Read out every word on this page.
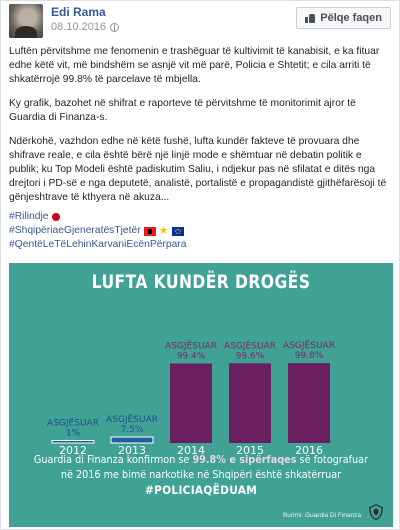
Edi Rama
08.10.2016
Pëlqe faqen

Luftën përvitshme me fenomenin e trashëguar të kultivimit të kanabisit, e ka fituar edhe këtë vit, më bindshëm se asnjë vit më parë, Policia e Shtetit; e cila arriti të shkatërrojë 99.8% të parcelave të mbjella.

Ky grafik, bazohet në shifrat e raporteve të përvitshme të monitorimit ajror të Guardia di Finanza-s.

Ndërkohë, vazhdon edhe në këtë fushë, lufta kundër fakteve të provuara dhe shifrave reale, e cila është bërë një linjë mode e shëmtuar në debatin politik e publik; ku Top Modeli është padiskutim Saliu, i ndjekur pas në sfilatat e ditës nga drejtori i PD-së e nga deputetë, analistë, portalistë e propagandistë gjithëfarësoji të gënjeshtrave të kthyera në akuza...

#Rilindje
#ShqipëriaeGjeneratësTjetër ★
#QentëLeTëLehinKarvaniEcënPërpara
LUFTA KUNDËR DROGËS
ASGJËSUAR
1%
2012
ASGJËSUAR
7.5%
2013
ASGJËSUAR
99.4%
2014
ASGJËSUAR
99.6%
2015
ASGJËSUAR
99.8%
2016
Guardia di Finanza konfirmon se 99.8% e sipërfaqes së fotografuar
në 2016 me bimë narkotike në Shqipëri është shkatërruar
#POLICIAQËDUAM
Burimi: Guardia Di Finanza
